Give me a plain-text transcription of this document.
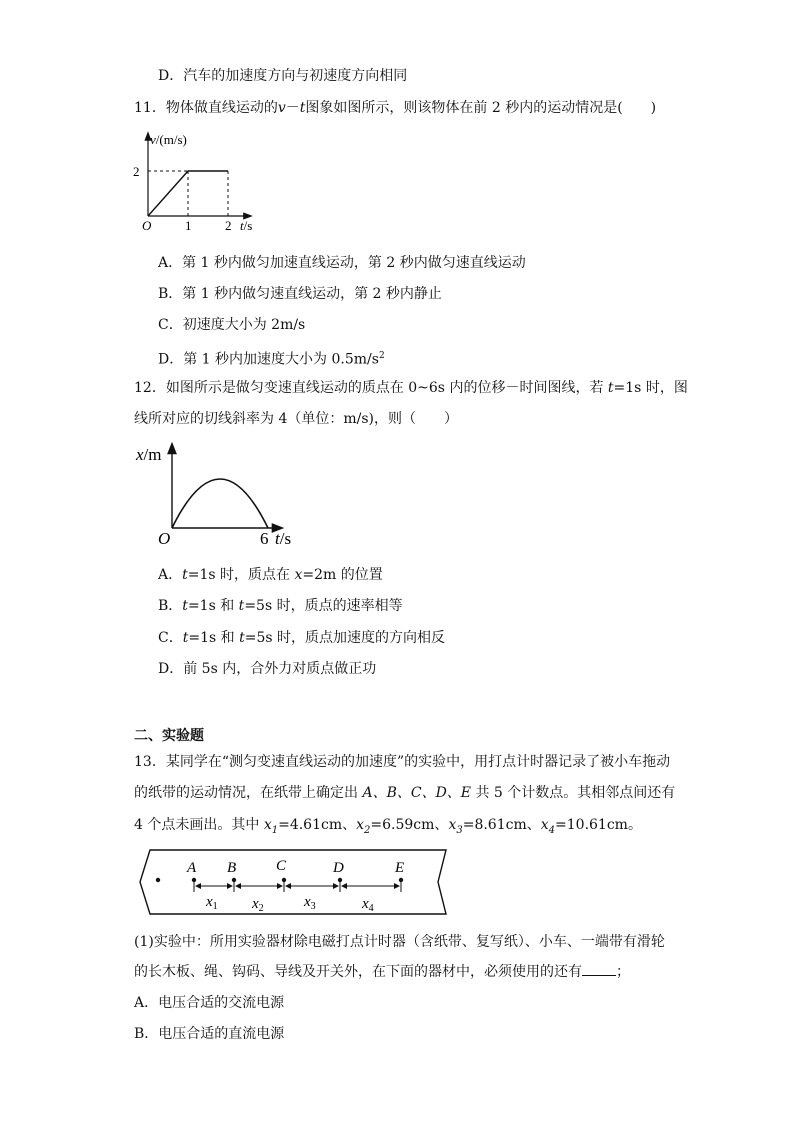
D．汽车的加速度方向与初速度方向相同
11．物体做直线运动的v－t图象如图所示，则该物体在前 2 秒内的运动情况是(　　)
v/(m/s)
2
O	1	2 t/s
A．第 1 秒内做匀加速直线运动，第 2 秒内做匀速直线运动
B．第 1 秒内做匀速直线运动，第 2 秒内静止
C．初速度大小为 2m/s
D．第 1 秒内加速度大小为 $0.5m/s^2$
12．如图所示是做匀变速直线运动的质点在 0~6s 内的位移－时间图线，若 t=1s 时，图
线所对应的切线斜率为 4（单位：m/s)，则（　　）
x/m
O	6 t/s
A．t=1s 时，质点在 x=2m 的位置
B．t=1s 和 t=5s 时，质点的速率相等
C．t=1s 和 t=5s 时，质点加速度的方向相反
D．前 5s 内，合外力对质点做正功
二、实验题
13．某同学在“测匀变速直线运动的加速度”的实验中，用打点计时器记录了被小车拖动
的纸带的运动情况，在纸带上确定出 A、B、C、D、E 共 5 个计数点。其相邻点间还有
4 个点未画出。其中 $x_1=4.61cm$、$x_2=6.59cm$、$x_3=8.61cm$、$x_4=10.61cm$。
A B	C	D	E
$x_1$ $x_2$	$x_3$	$x_4$
(1)实验中：所用实验器材除电磁打点计时器（含纸带、复写纸）、小车、一端带有滑轮
的长木板、绳、钩码、导线及开关外，在下面的器材中，必须使用的还有 ；
A．电压合适的交流电源
B．电压合适的直流电源
